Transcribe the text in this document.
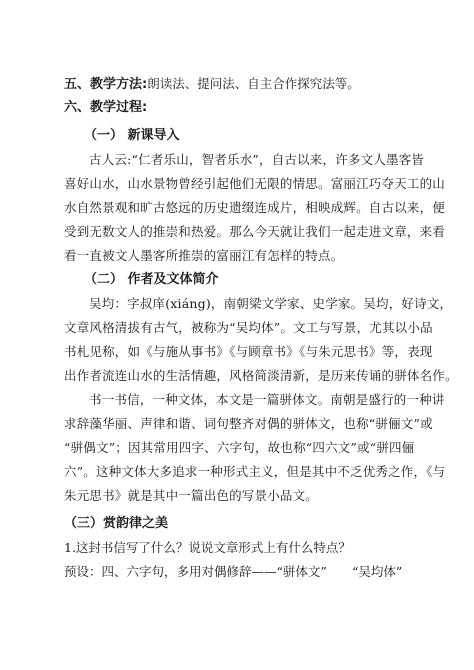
五、教学方法:朗读法、提问法、自主合作探究法等。
六、教学过程:
（一） 新课导入
古人云:“仁者乐山，智者乐水”，自古以来，许多文人墨客皆
喜好山水，山水景物曾经引起他们无限的情思。富丽江巧夺天工的山
水自然景观和旷古悠远的历史遗缀连成片，相映成辉。自古以来，便
受到无数文人的推崇和热爱。那么今天就让我们一起走进文章，来看
看一直被文人墨客所推崇的富丽江有怎样的特点。
（二） 作者及文体简介
吴均：字叔庠(xiáng)，南朝梁文学家、史学家。吴均，好诗文，
文章风格清拔有古气，被称为“吴均体”。文工与写景，尤其以小品
书札见称，如《与施从事书》《与顾章书》《与朱元思书》等，表现
出作者流连山水的生活情趣，风格简淡清新，是历来传诵的骈体名作。
书一书信，一种文体，本文是一篇骈体文。南朝是盛行的一种讲
求辞藻华丽、声律和谐、词句整齐对偶的骈体文，也称“骈俪文”或
“骈偶文”；因其常用四字、六字句，故也称“四六文”或“骈四俪
六”。这种文体大多追求一种形式主义，但是其中不乏优秀之作，《与
朱元思书》就是其中一篇出色的写景小品文。
（三）赏韵律之美
1.这封书信写了什么？说说文章形式上有什么特点？
预设：四、六字句，多用对偶修辞——“骈体文” “吴均体”
